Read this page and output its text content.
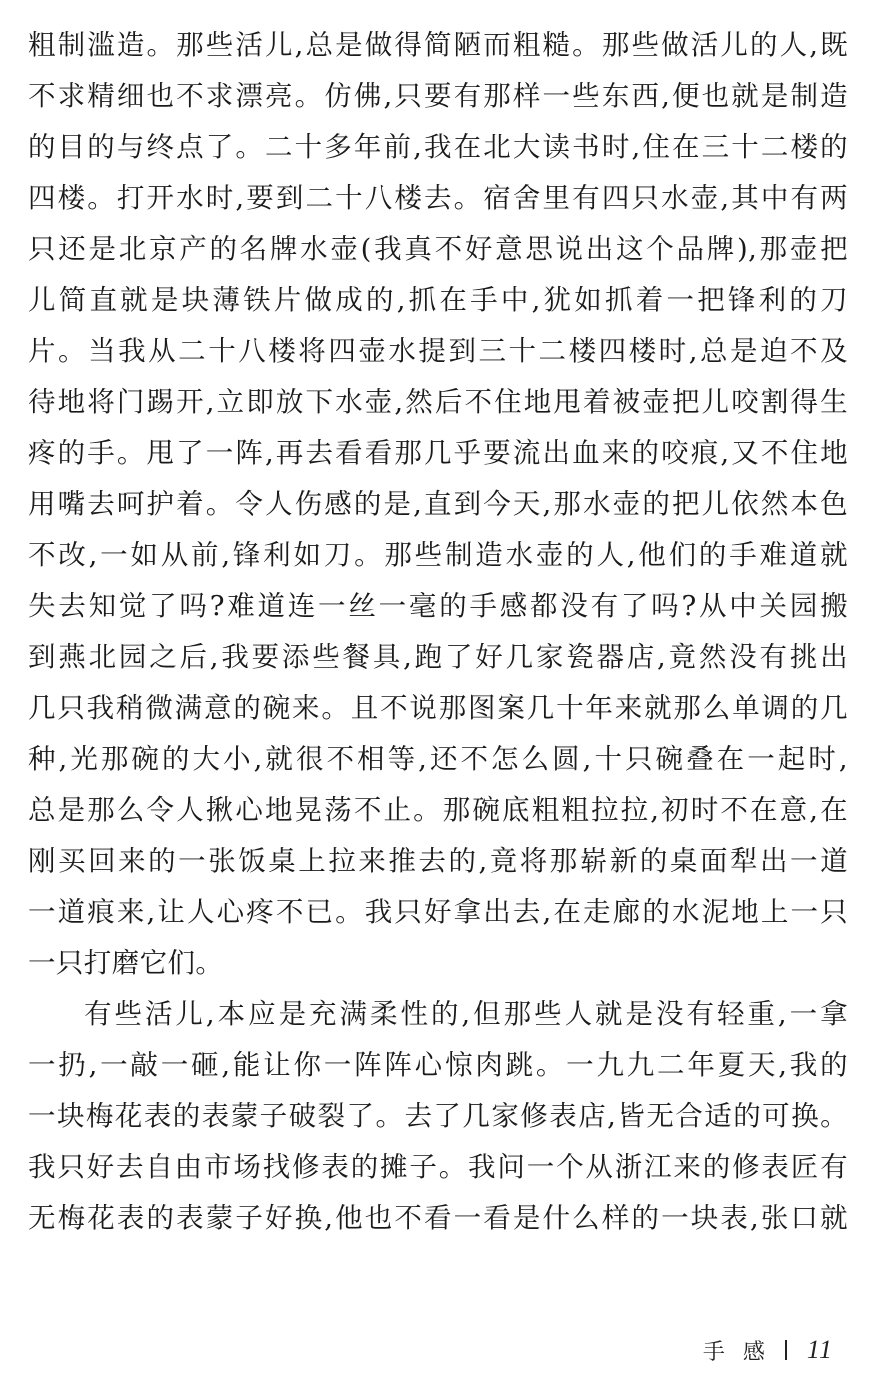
粗制滥造。那些活儿,总是做得简陋而粗糙。那些做活儿的人,既
不求精细也不求漂亮。仿佛,只要有那样一些东西,便也就是制造
的目的与终点了。二十多年前,我在北大读书时,住在三十二楼的
四楼。打开水时,要到二十八楼去。宿舍里有四只水壶,其中有两
只还是北京产的名牌水壶(我真不好意思说出这个品牌),那壶把
儿简直就是块薄铁片做成的,抓在手中,犹如抓着一把锋利的刀
片。当我从二十八楼将四壶水提到三十二楼四楼时,总是迫不及
待地将门踢开,立即放下水壶,然后不住地甩着被壶把儿咬割得生
疼的手。甩了一阵,再去看看那几乎要流出血来的咬痕,又不住地
用嘴去呵护着。令人伤感的是,直到今天,那水壶的把儿依然本色
不改,一如从前,锋利如刀。那些制造水壶的人,他们的手难道就
失去知觉了吗?难道连一丝一毫的手感都没有了吗?从中关园搬
到燕北园之后,我要添些餐具,跑了好几家瓷器店,竟然没有挑出
几只我稍微满意的碗来。且不说那图案几十年来就那么单调的几
种,光那碗的大小,就很不相等,还不怎么圆,十只碗叠在一起时,
总是那么令人揪心地晃荡不止。那碗底粗粗拉拉,初时不在意,在
刚买回来的一张饭桌上拉来推去的,竟将那崭新的桌面犁出一道
一道痕来,让人心疼不已。我只好拿出去,在走廊的水泥地上一只
一只打磨它们。
有些活儿,本应是充满柔性的,但那些人就是没有轻重,一拿
一扔,一敲一砸,能让你一阵阵心惊肉跳。一九九二年夏天,我的
一块梅花表的表蒙子破裂了。去了几家修表店,皆无合适的可换。
我只好去自由市场找修表的摊子。我问一个从浙江来的修表匠有
无梅花表的表蒙子好换,他也不看一看是什么样的一块表,张口就
手感 11
